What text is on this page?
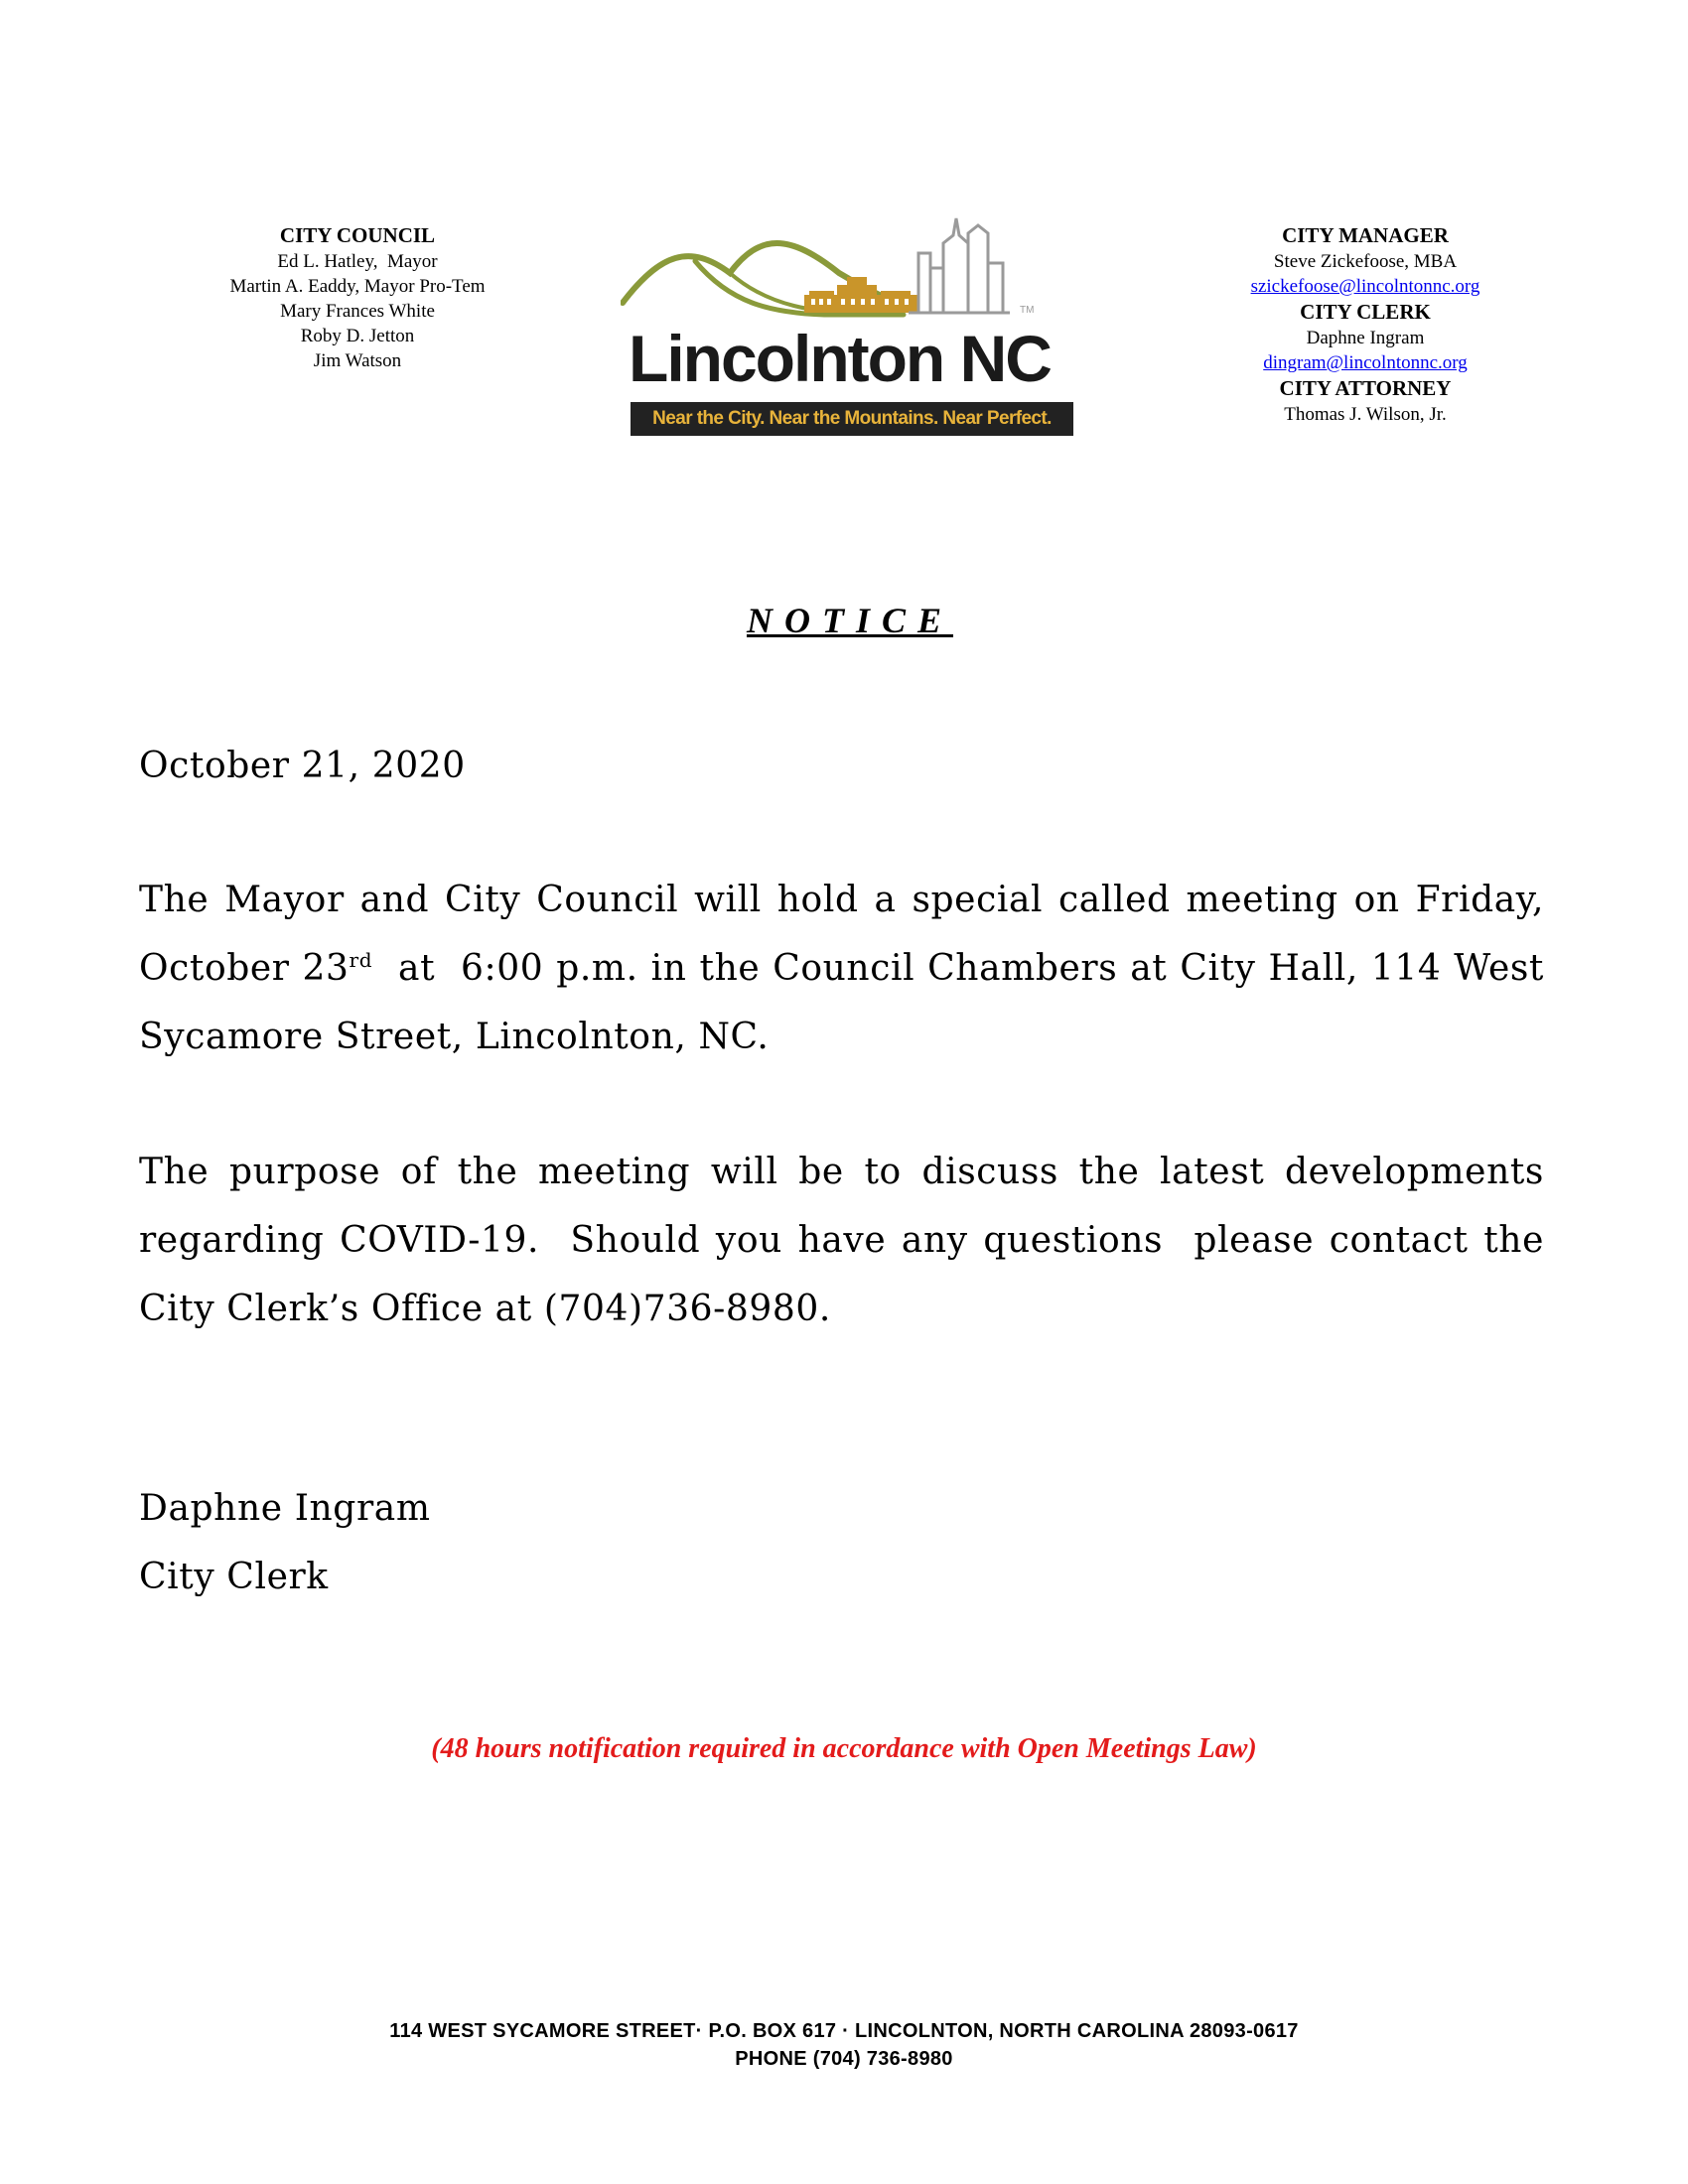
CITY COUNCIL
Ed L. Hatley,  Mayor
Martin A. Eaddy, Mayor Pro-Tem
Mary Frances White
Roby D. Jetton
Jim Watson
TM
Lincolnton NC
Near the City. Near the Mountains. Near Perfect.
CITY MANAGER
Steve Zickefoose, MBA
szickefoose@lincolntonnc.org
CITY CLERK
Daphne Ingram
dingram@lincolntonnc.org
CITY ATTORNEY
Thomas J. Wilson, Jr.
NOTICE
October 21, 2020
The Mayor and City Council will hold a special called meeting on Friday, October 23rd  at  6:00 p.m. in the Council Chambers at City Hall, 114 West Sycamore Street, Lincolnton, NC.
The purpose of the meeting will be to discuss the latest developments regarding COVID-19.  Should you have any questions  please contact the City Clerk’s Office at (704)736-8980.
Daphne Ingram
City Clerk
(48 hours notification required in accordance with Open Meetings Law)
114 WEST SYCAMORE STREET· P.O. BOX 617 · LINCOLNTON, NORTH CAROLINA 28093-0617
PHONE (704) 736-8980
